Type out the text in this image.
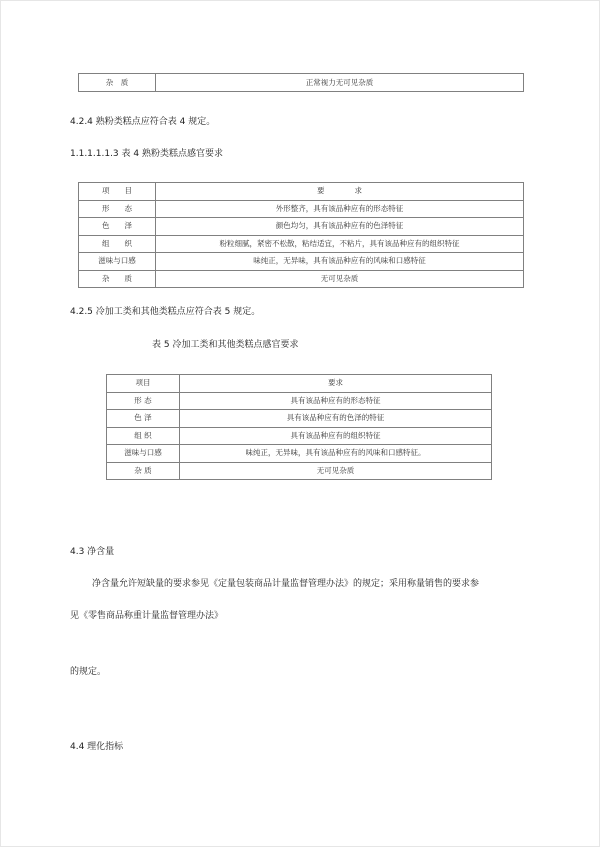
杂　质	正常视力无可见杂质
4.2.4 熟粉类糕点应符合表 4 规定。
1.1.1.1.1.3 表 4 熟粉类糕点感官要求
项　　目	要　　　　求
形　　态	外形整齐，具有该品种应有的形态特征
色　　泽	颜色均匀，具有该品种应有的色泽特征
组　　织	粉粒细腻，紧密不松散，粘结适宜，不粘片，具有该品种应有的组织特征
滋味与口感	味纯正，无异味，具有该品种应有的风味和口感特征
杂　　质	无可见杂质
4.2.5 冷加工类和其他类糕点应符合表 5 规定。
表 5 冷加工类和其他类糕点感官要求
项目	要求
形 态	具有该品种应有的形态特征
色 泽	具有该品种应有的色泽的特征
组 织	具有该品种应有的组织特征
滋味与口感	味纯正，无异味，具有该品种应有的风味和口感特征。
杂 质	无可见杂质
4.3 净含量
净含量允许短缺量的要求参见《定量包装商品计量监督管理办法》的规定；采用称量销售的要求参
见《零售商品称重计量监督管理办法》
的规定。
4.4 理化指标
